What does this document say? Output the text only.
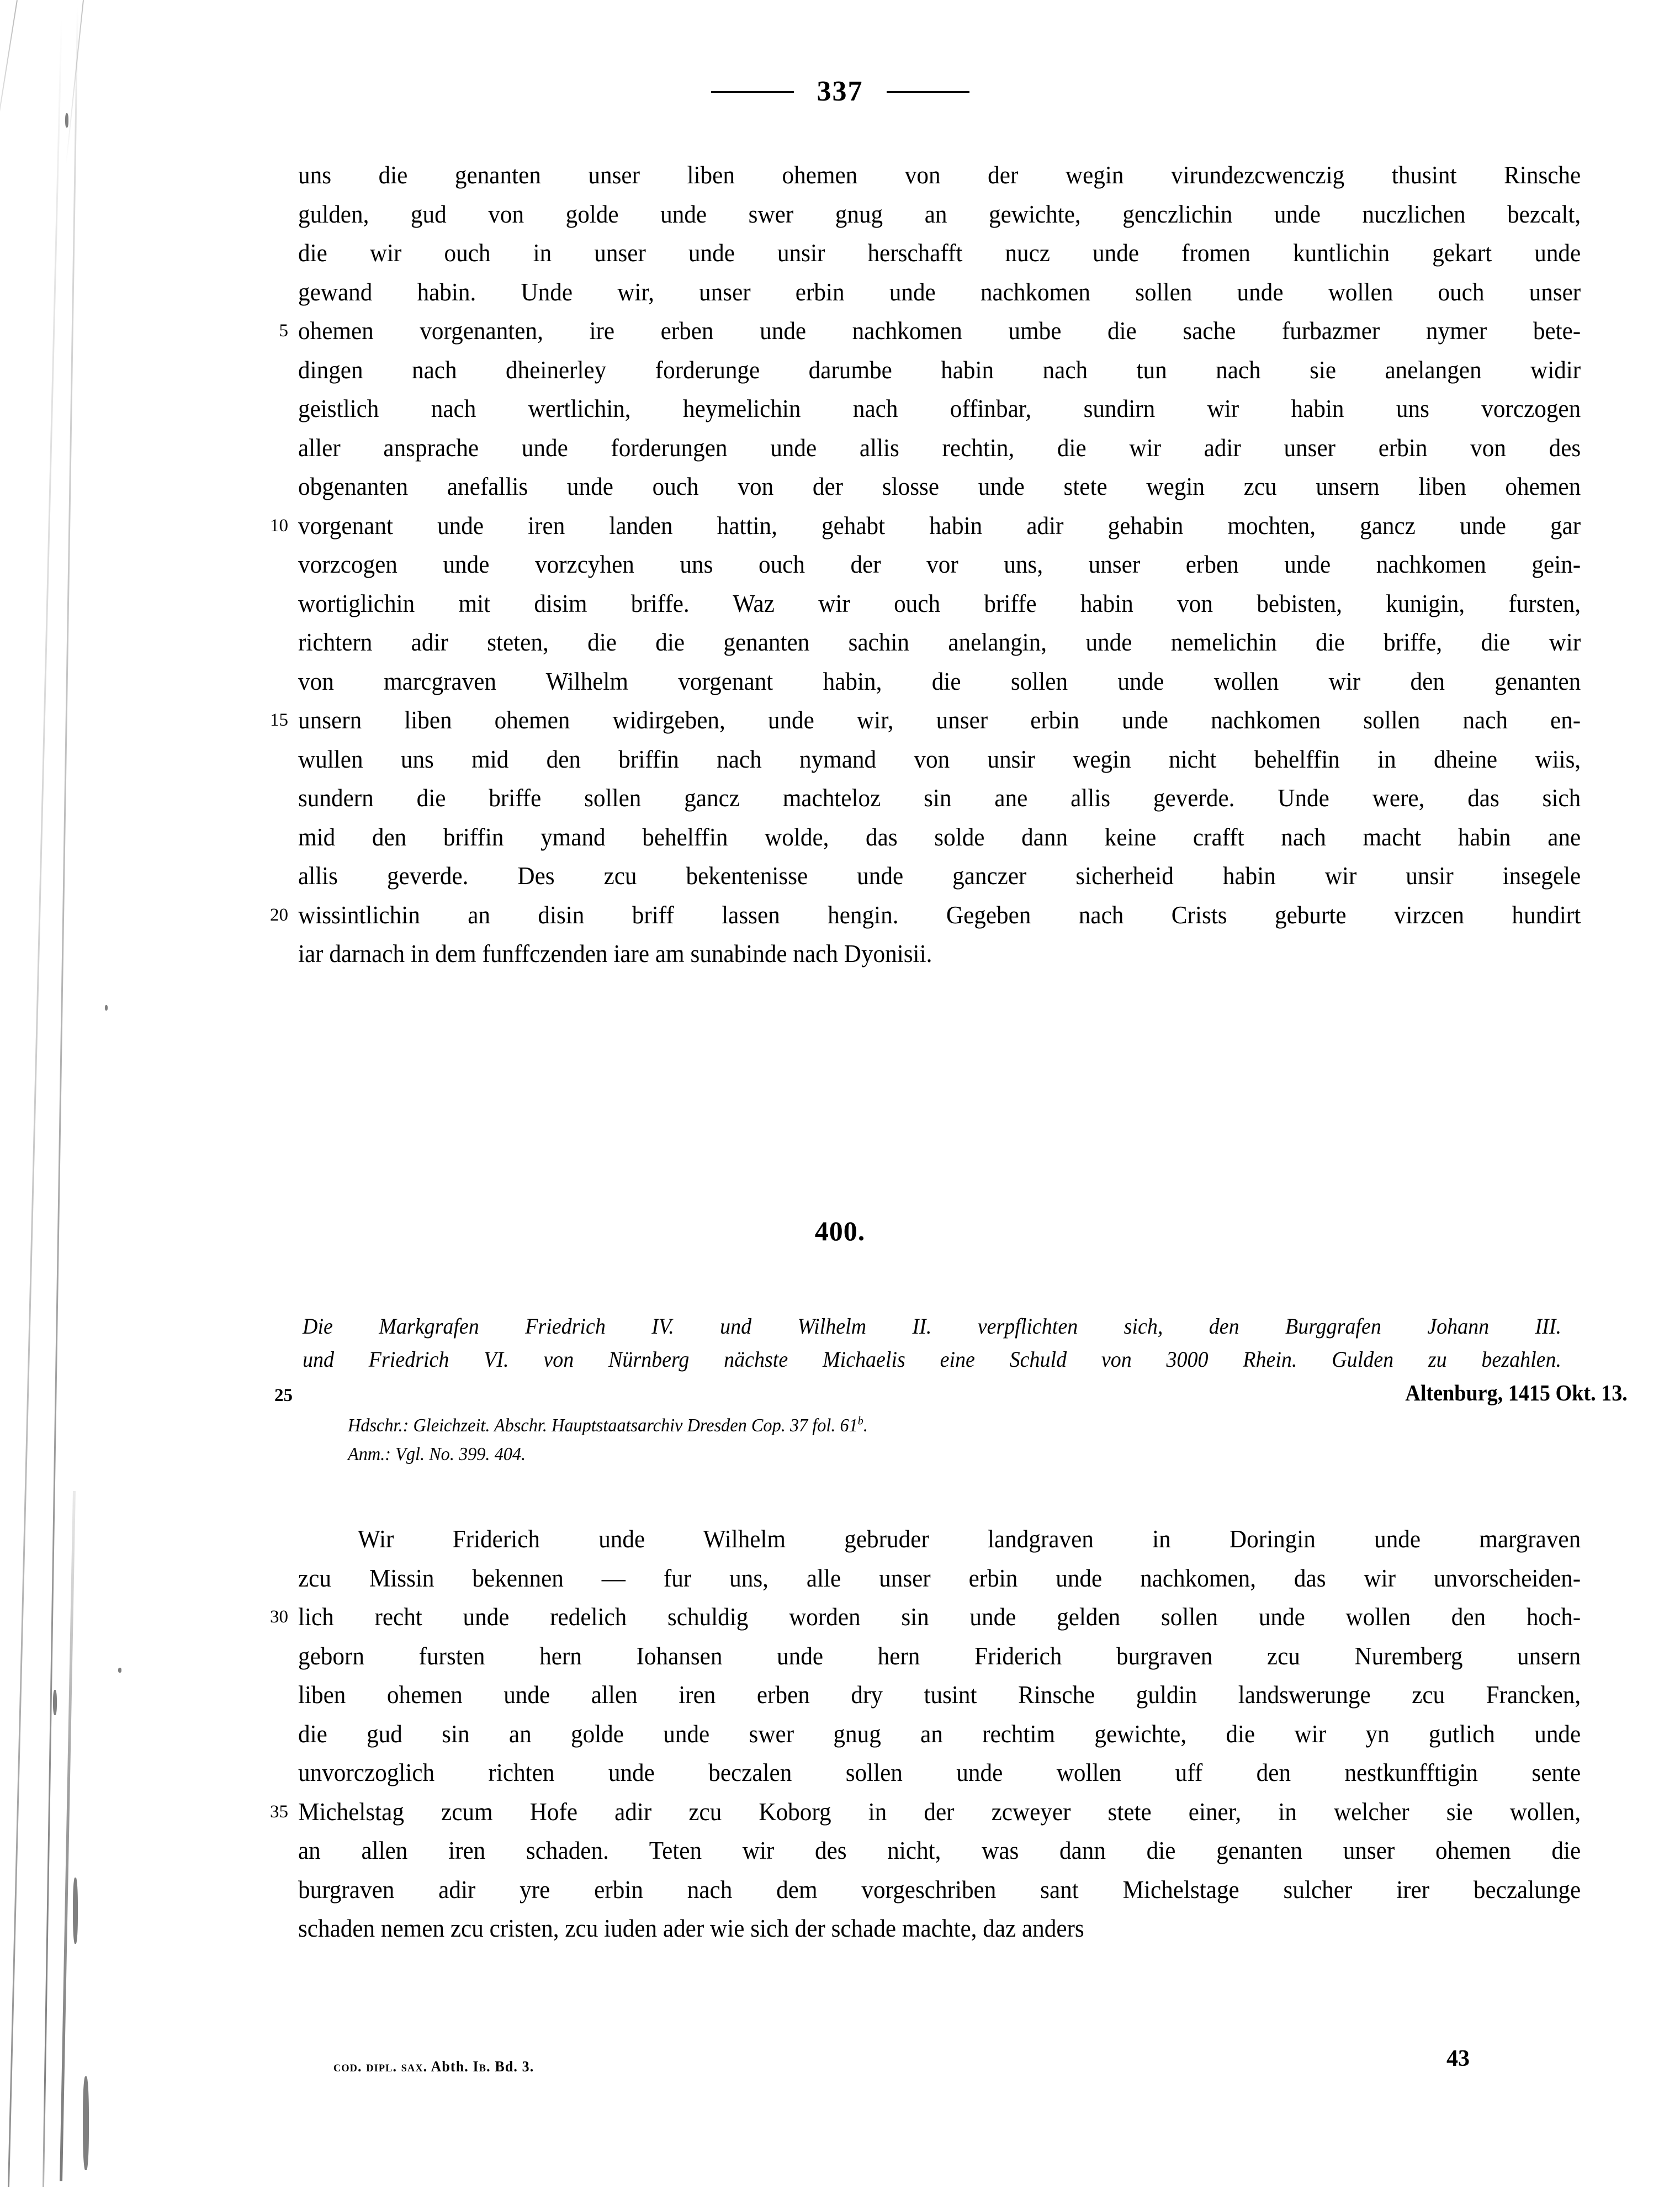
337
uns die genanten unser liben ohemen von der wegin virundezcwenczig thusint Rinsche
gulden, gud von golde unde swer gnug an gewichte, genczlichin unde nuczlichen bezcalt,
die wir ouch in unser unde unsir herschafft nucz unde fromen kuntlichin gekart unde
gewand habin. Unde wir, unser erbin unde nachkomen sollen unde wollen ouch unser
5 ohemen vorgenanten, ire erben unde nachkomen umbe die sache furbazmer nymer bete-
dingen nach dheinerley forderunge darumbe habin nach tun nach sie anelangen widir
geistlich nach wertlichin, heymelichin nach offinbar, sundirn wir habin uns vorczogen
aller ansprache unde forderungen unde allis rechtin, die wir adir unser erbin von des
obgenanten anefallis unde ouch von der slosse unde stete wegin zcu unsern liben ohemen
10 vorgenant unde iren landen hattin, gehabt habin adir gehabin mochten, gancz unde gar
vorzcogen unde vorzcyhen uns ouch der vor uns, unser erben unde nachkomen gein-
wortiglichin mit disim briffe. Waz wir ouch briffe habin von bebisten, kunigin, fursten,
richtern adir steten, die die genanten sachin anelangin, unde nemelichin die briffe, die wir
von marcgraven Wilhelm vorgenant habin, die sollen unde wollen wir den genanten
15 unsern liben ohemen widirgeben, unde wir, unser erbin unde nachkomen sollen nach en-
wullen uns mid den briffin nach nymand von unsir wegin nicht behelffin in dheine wiis,
sundern die briffe sollen gancz machteloz sin ane allis geverde. Unde were, das sich
mid den briffin ymand behelffin wolde, das solde dann keine crafft nach macht habin ane
allis geverde. Des zcu bekentenisse unde ganczer sicherheid habin wir unsir insegele
20 wissintlichin an disin briff lassen hengin. Gegeben nach Crists geburte virzcen hundirt
iar darnach in dem funffczenden iare am sunabinde nach Dyonisii.
400.
Die Markgrafen Friedrich IV. und Wilhelm II. verpflichten sich, den Burggrafen Johann III.
und Friedrich VI. von Nürnberg nächste Michaelis eine Schuld von 3000 Rhein. Gulden zu bezahlen.
25	Altenburg, 1415 Okt. 13.
Hdschr.: Gleichzeit. Abschr. Hauptstaatsarchiv Dresden Cop. 37 fol. 61$^b$.
Anm.: Vgl. No. 399. 404.
   Wir Friderich unde Wilhelm gebruder landgraven in Doringin unde margraven
zcu Missin bekennen — fur uns, alle unser erbin unde nachkomen, das wir unvorscheiden-
30 lich recht unde redelich schuldig worden sin unde gelden sollen unde wollen den hoch-
geborn fursten hern Iohansen unde hern Friderich burgraven zcu Nuremberg unsern
liben ohemen unde allen iren erben dry tusint Rinsche guldin landswerunge zcu Francken,
die gud sin an golde unde swer gnug an rechtim gewichte, die wir yn gutlich unde
unvorczoglich richten unde beczalen sollen unde wollen uff den nestkunfftigin sente
35 Michelstag zcum Hofe adir zcu Koborg in der zcweyer stete einer, in welcher sie wollen,
an allen iren schaden. Teten wir des nicht, was dann die genanten unser ohemen die
burgraven adir yre erbin nach dem vorgeschriben sant Michelstage sulcher irer beczalunge
schaden nemen zcu cristen, zcu iuden ader wie sich der schade machte, daz anders
cod. dipl. sax. Abth. Ib. Bd. 3.	43
